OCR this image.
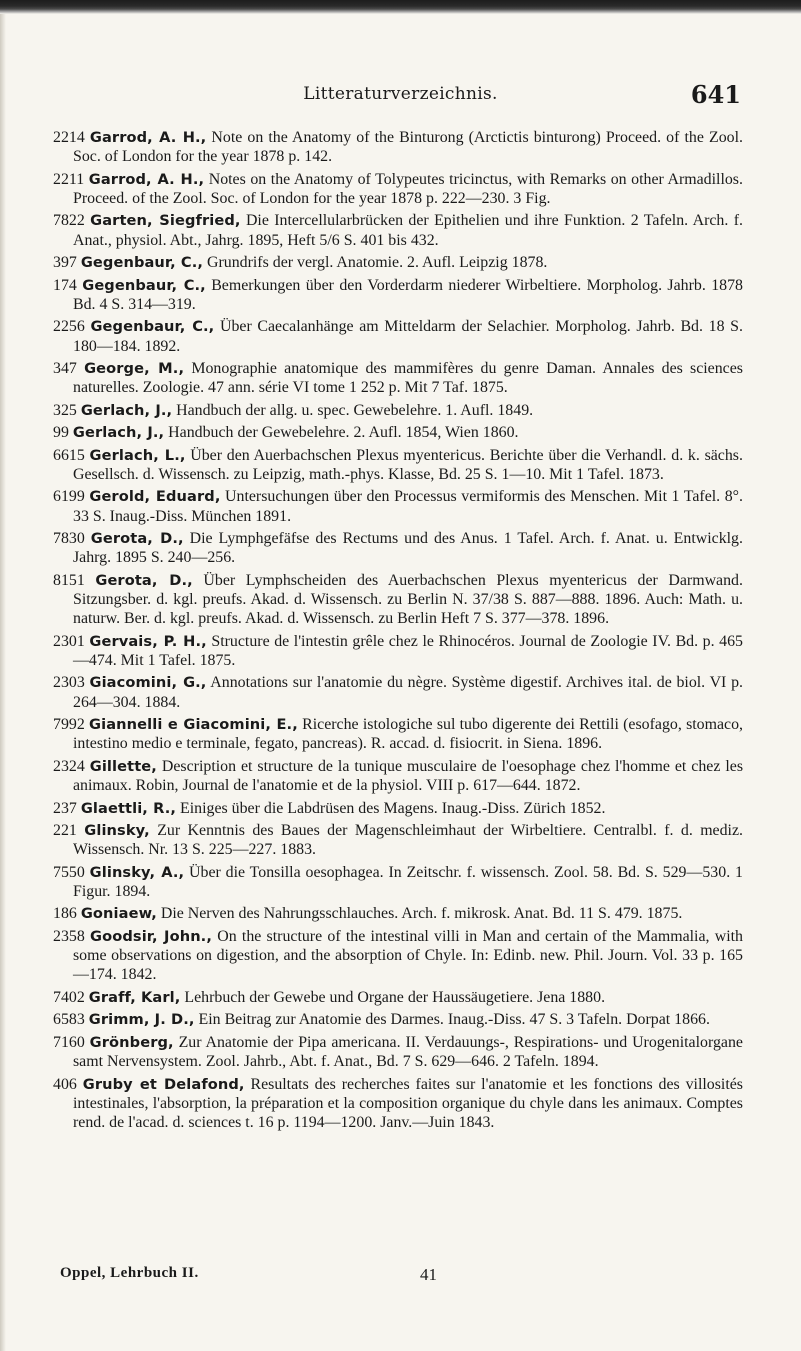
Litteraturverzeichnis.	641
2214 Garrod, A. H., Note on the Anatomy of the Binturong (Arctictis binturong) Proceed. of the Zool. Soc. of London for the year 1878 p. 142.
2211 Garrod, A. H., Notes on the Anatomy of Tolypeutes tricinctus, with Remarks on other Armadillos. Proceed. of the Zool. Soc. of London for the year 1878 p. 222—230. 3 Fig.
7822 Garten, Siegfried, Die Intercellularbrücken der Epithelien und ihre Funktion. 2 Tafeln. Arch. f. Anat., physiol. Abt., Jahrg. 1895, Heft 5/6 S. 401 bis 432.
397 Gegenbaur, C., Grundrifs der vergl. Anatomie. 2. Aufl. Leipzig 1878.
174 Gegenbaur, C., Bemerkungen über den Vorderdarm niederer Wirbeltiere. Morpholog. Jahrb. 1878 Bd. 4 S. 314—319.
2256 Gegenbaur, C., Über Caecalanhänge am Mitteldarm der Selachier. Morpholog. Jahrb. Bd. 18 S. 180—184. 1892.
347 George, M., Monographie anatomique des mammifères du genre Daman. Annales des sciences naturelles. Zoologie. 47 ann. série VI tome 1 252 p. Mit 7 Taf. 1875.
325 Gerlach, J., Handbuch der allg. u. spec. Gewebelehre. 1. Aufl. 1849.
99 Gerlach, J., Handbuch der Gewebelehre. 2. Aufl. 1854, Wien 1860.
6615 Gerlach, L., Über den Auerbachschen Plexus myentericus. Berichte über die Verhandl. d. k. sächs. Gesellsch. d. Wissensch. zu Leipzig, math.-phys. Klasse, Bd. 25 S. 1—10. Mit 1 Tafel. 1873.
6199 Gerold, Eduard, Untersuchungen über den Processus vermiformis des Menschen. Mit 1 Tafel. 8°. 33 S. Inaug.-Diss. München 1891.
7830 Gerota, D., Die Lymphgefäfse des Rectums und des Anus. 1 Tafel. Arch. f. Anat. u. Entwicklg. Jahrg. 1895 S. 240—256.
8151 Gerota, D., Über Lymphscheiden des Auerbachschen Plexus myentericus der Darmwand. Sitzungsber. d. kgl. preufs. Akad. d. Wissensch. zu Berlin N. 37/38 S. 887—888. 1896. Auch: Math. u. naturw. Ber. d. kgl. preufs. Akad. d. Wissensch. zu Berlin Heft 7 S. 377—378. 1896.
2301 Gervais, P. H., Structure de l'intestin grêle chez le Rhinocéros. Journal de Zoologie IV. Bd. p. 465—474. Mit 1 Tafel. 1875.
2303 Giacomini, G., Annotations sur l'anatomie du nègre. Système digestif. Archives ital. de biol. VI p. 264—304. 1884.
7992 Giannelli e Giacomini, E., Ricerche istologiche sul tubo digerente dei Rettili (esofago, stomaco, intestino medio e terminale, fegato, pancreas). R. accad. d. fisiocrit. in Siena. 1896.
2324 Gillette, Description et structure de la tunique musculaire de l'oesophage chez l'homme et chez les animaux. Robin, Journal de l'anatomie et de la physiol. VIII p. 617—644. 1872.
237 Glaettli, R., Einiges über die Labdrüsen des Magens. Inaug.-Diss. Zürich 1852.
221 Glinsky, Zur Kenntnis des Baues der Magenschleimhaut der Wirbeltiere. Centralbl. f. d. mediz. Wissensch. Nr. 13 S. 225—227. 1883.
7550 Glinsky, A., Über die Tonsilla oesophagea. In Zeitschr. f. wissensch. Zool. 58. Bd. S. 529—530. 1 Figur. 1894.
186 Goniaew, Die Nerven des Nahrungsschlauches. Arch. f. mikrosk. Anat. Bd. 11 S. 479. 1875.
2358 Goodsir, John., On the structure of the intestinal villi in Man and certain of the Mammalia, with some observations on digestion, and the absorption of Chyle. In: Edinb. new. Phil. Journ. Vol. 33 p. 165—174. 1842.
7402 Graff, Karl, Lehrbuch der Gewebe und Organe der Haussäugetiere. Jena 1880.
6583 Grimm, J. D., Ein Beitrag zur Anatomie des Darmes. Inaug.-Diss. 47 S. 3 Tafeln. Dorpat 1866.
7160 Grönberg, Zur Anatomie der Pipa americana. II. Verdauungs-, Respirations- und Urogenitalorgane samt Nervensystem. Zool. Jahrb., Abt. f. Anat., Bd. 7 S. 629—646. 2 Tafeln. 1894.
406 Gruby et Delafond, Resultats des recherches faites sur l'anatomie et les fonctions des villosités intestinales, l'absorption, la préparation et la composition organique du chyle dans les animaux. Comptes rend. de l'acad. d. sciences t. 16 p. 1194—1200. Janv.—Juin 1843.
Oppel, Lehrbuch II.	41
